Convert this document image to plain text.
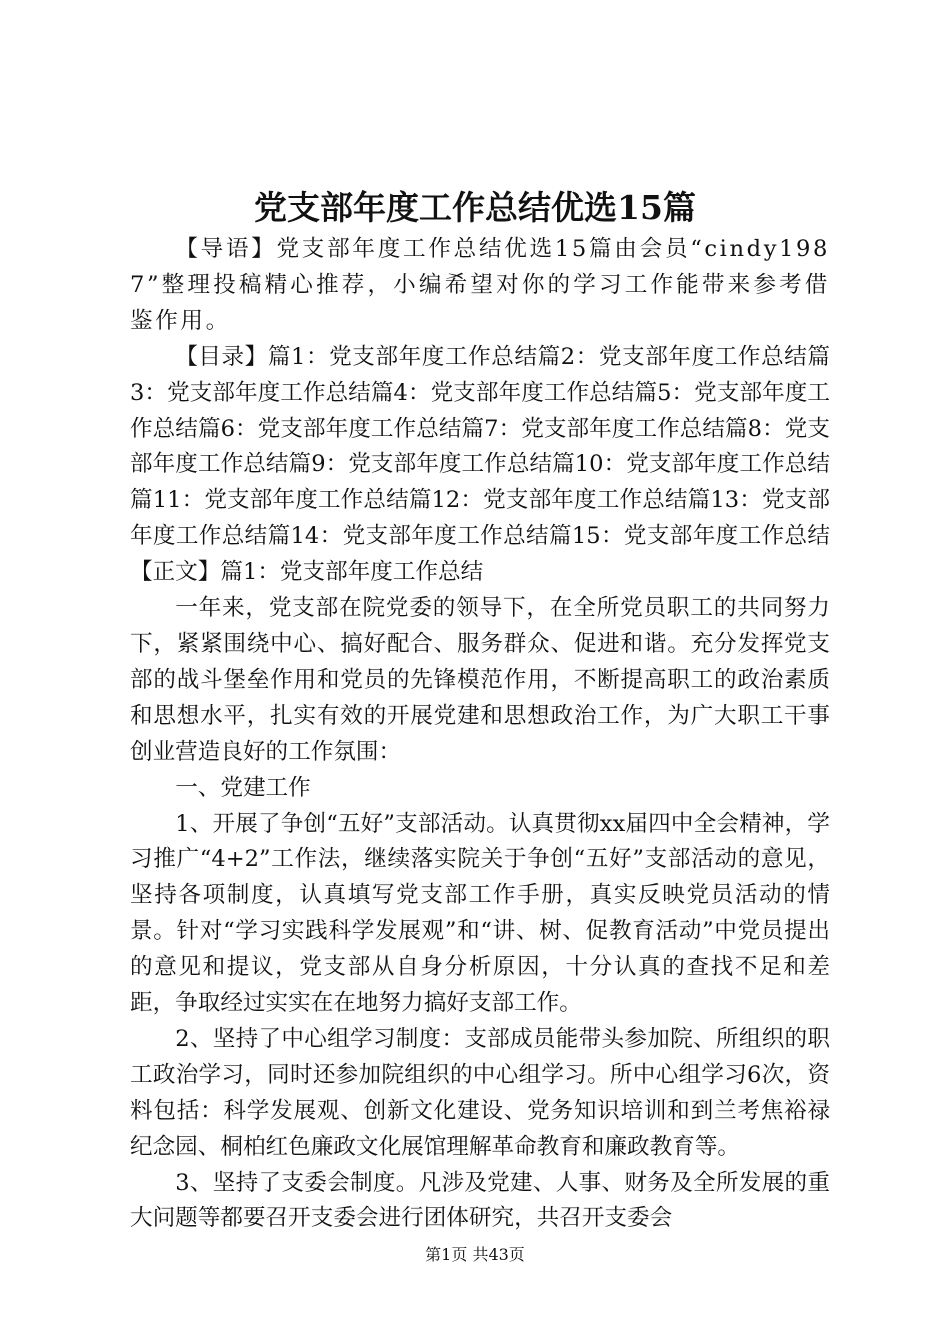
党支部年度工作总结优选15篇

【导语】党支部年度工作总结优选15篇由会员“cindy1987”整理投稿精心推荐，小编希望对你的学习工作能带来参考借鉴作用。

【目录】篇1：党支部年度工作总结篇2：党支部年度工作总结篇3：党支部年度工作总结篇4：党支部年度工作总结篇5：党支部年度工作总结篇6：党支部年度工作总结篇7：党支部年度工作总结篇8：党支部年度工作总结篇9：党支部年度工作总结篇10：党支部年度工作总结篇11：党支部年度工作总结篇12：党支部年度工作总结篇13：党支部年度工作总结篇14：党支部年度工作总结篇15：党支部年度工作总结【正文】篇1：党支部年度工作总结

一年来，党支部在院党委的领导下，在全所党员职工的共同努力下，紧紧围绕中心、搞好配合、服务群众、促进和谐。充分发挥党支部的战斗堡垒作用和党员的先锋模范作用，不断提高职工的政治素质和思想水平，扎实有效的开展党建和思想政治工作，为广大职工干事创业营造良好的工作氛围：

一、党建工作

1、开展了争创“五好”支部活动。认真贯彻xx届四中全会精神，学习推广“4+2”工作法，继续落实院关于争创“五好”支部活动的意见，坚持各项制度，认真填写党支部工作手册，真实反映党员活动的情景。针对“学习实践科学发展观”和“讲、树、促教育活动”中党员提出的意见和提议，党支部从自身分析原因，十分认真的查找不足和差距，争取经过实实在在地努力搞好支部工作。

2、坚持了中心组学习制度：支部成员能带头参加院、所组织的职工政治学习，同时还参加院组织的中心组学习。所中心组学习6次，资料包括：科学发展观、创新文化建设、党务知识培训和到兰考焦裕禄纪念园、桐柏红色廉政文化展馆理解革命教育和廉政教育等。

3、坚持了支委会制度。凡涉及党建、人事、财务及全所发展的重大问题等都要召开支委会进行团体研究，共召开支委会

第1页 共43页
